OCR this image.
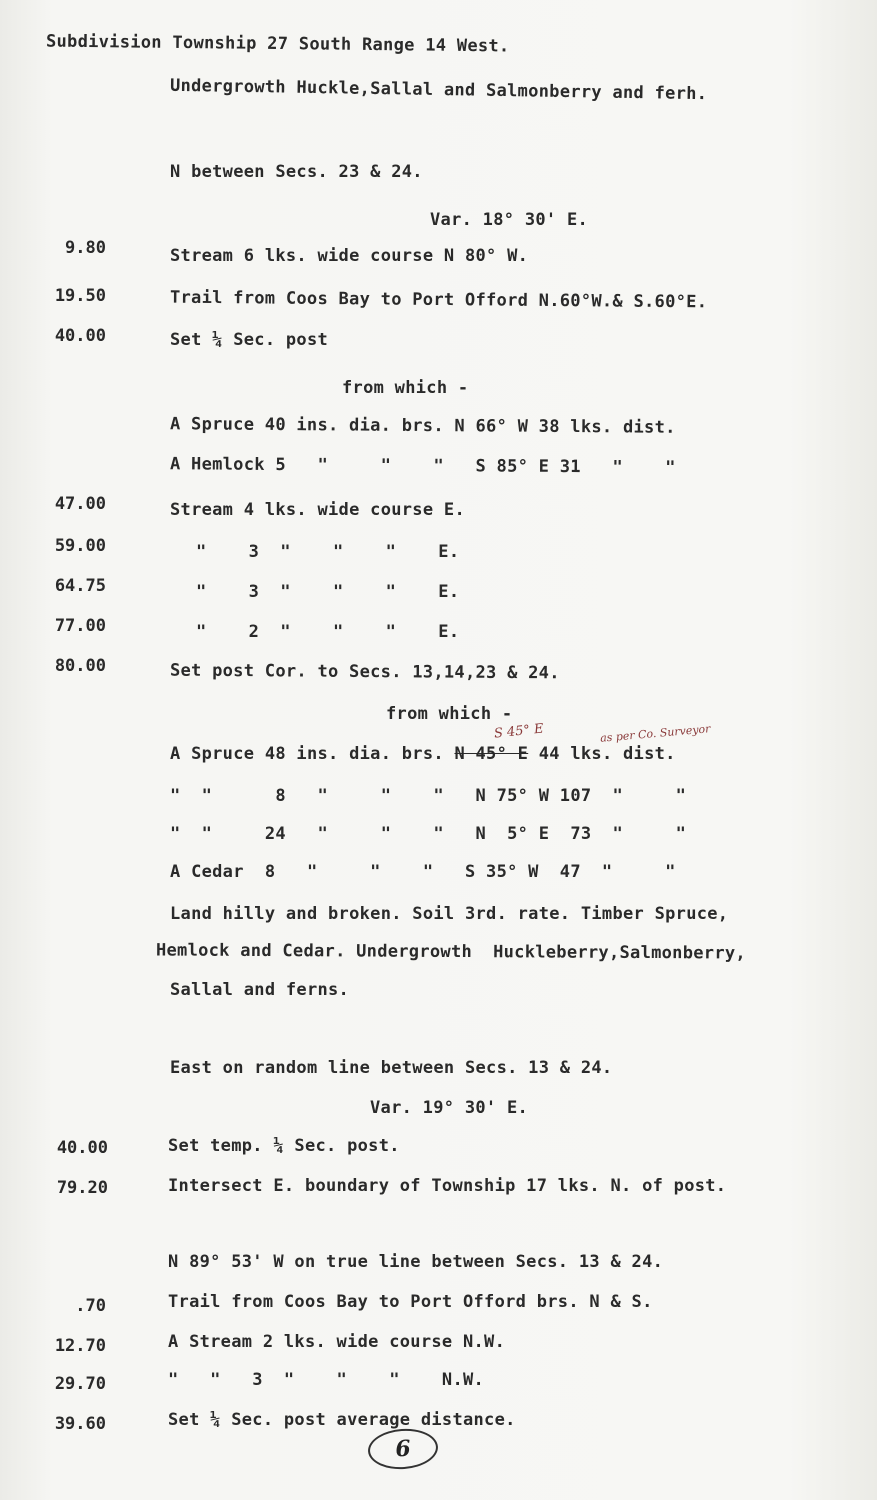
Subdivision Township 27 South Range 14 West.
Undergrowth Huckle,Sallal and Salmonberry and ferh.
N between Secs. 23 & 24.
Var. 18° 30' E.
9.80	Stream 6 lks. wide course N 80° W.
19.50	Trail from Coos Bay to Port Offord N.60°W.& S.60°E.
40.00	Set ¼ Sec. post
from which -
A Spruce 40 ins. dia. brs. N 66° W 38 lks. dist.
A Hemlock 5   "     "    "   S 85° E 31   "    "
47.00	Stream 4 lks. wide course E.
59.00	"    3  "    "    "    E.
64.75	"    3  "    "    "    E.
77.00	"    2  "    "    "    E.
80.00	Set post Cor. to Secs. 13,14,23 & 24.
from which -
A Spruce 48 ins. dia. brs. N 45° E 44 lks. dist.
S 45° E	as per Co. Surveyor
"  "      8   "     "    "   N 75° W 107  "     "
"  "     24   "     "    "   N  5° E  73  "     "
A Cedar  8   "     "    "   S 35° W  47  "     "
Land hilly and broken. Soil 3rd. rate. Timber Spruce,
Hemlock and Cedar. Undergrowth  Huckleberry,Salmonberry,
Sallal and ferns.
East on random line between Secs. 13 & 24.
Var. 19° 30' E.
40.00	Set temp. ¼ Sec. post.
79.20	Intersect E. boundary of Township 17 lks. N. of post.
N 89° 53' W on true line between Secs. 13 & 24.
.70	Trail from Coos Bay to Port Offord brs. N & S.
12.70	A Stream 2 lks. wide course N.W.
29.70	"   "   3  "    "    "    N.W.
39.60	Set ¼ Sec. post average distance.
6
